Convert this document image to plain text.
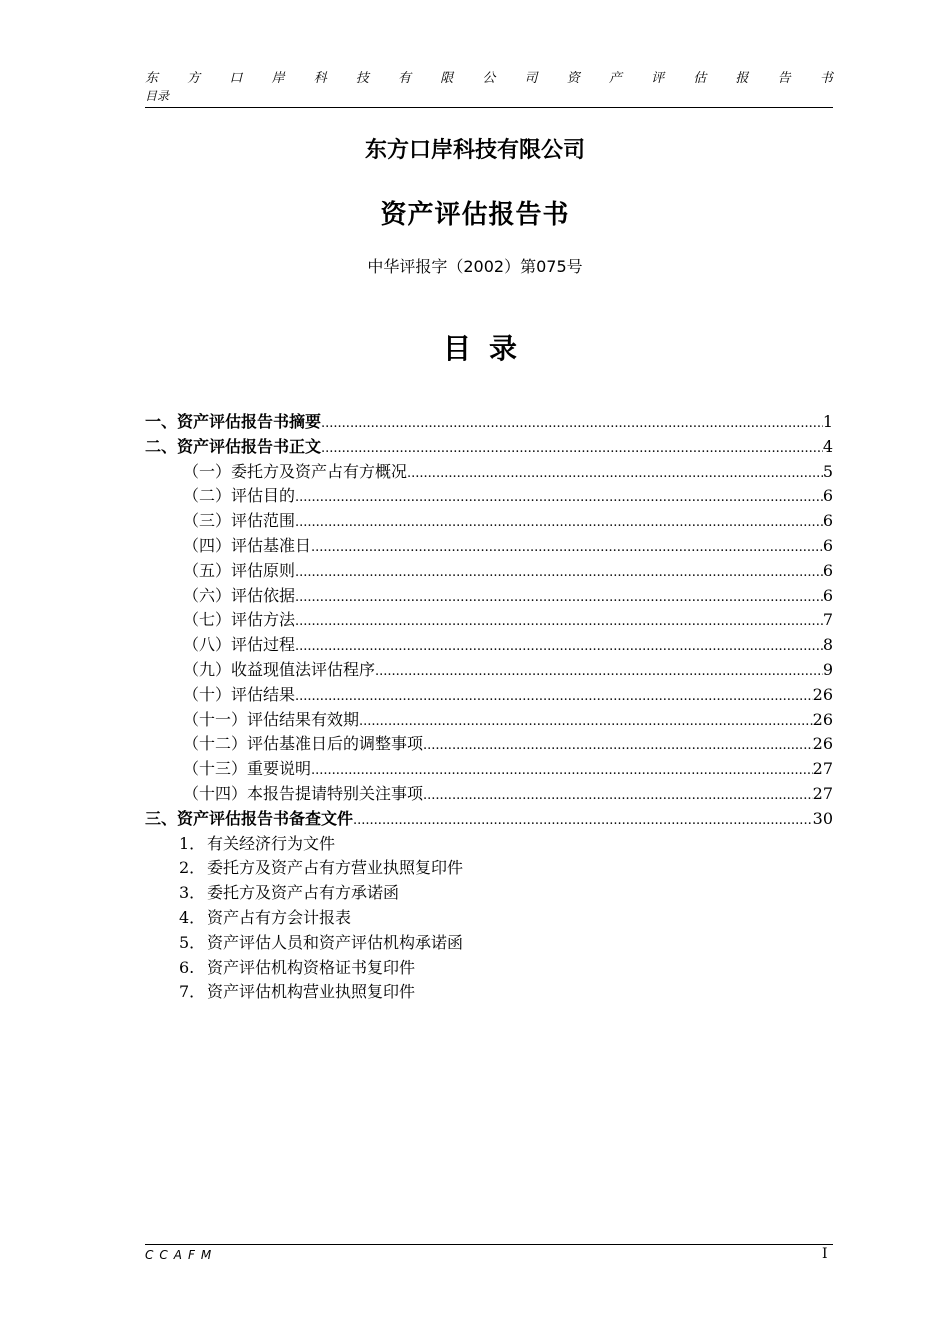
东 方 口 岸 科 技 有 限 公 司 资 产 评 估 报 告 书
目录
东方口岸科技有限公司
资产评估报告书
中华评报字（2002）第075号
目录
一、资产评估报告书摘要 .....	1
二、资产评估报告书正文 .....	4
（一）委托方及资产占有方概况 .....	5
（二）评估目的 .....	6
（三）评估范围 .....	6
（四）评估基准日 .....	6
（五）评估原则 .....	6
（六）评估依据 .....	6
（七）评估方法 .....	7
（八）评估过程 .....	8
（九）收益现值法评估程序 .....	9
（十）评估结果 .....	26
（十一）评估结果有效期 .....	26
（十二）评估基准日后的调整事项 .....	26
（十三）重要说明 .....	27
（十四）本报告提请特别关注事项 .....	27
三、资产评估报告书备查文件 .....	30
1． 有关经济行为文件
2． 委托方及资产占有方营业执照复印件
3． 委托方及资产占有方承诺函
4． 资产占有方会计报表
5． 资产评估人员和资产评估机构承诺函
6. 资产评估机构资格证书复印件
7． 资产评估机构营业执照复印件
CCAFM	I
